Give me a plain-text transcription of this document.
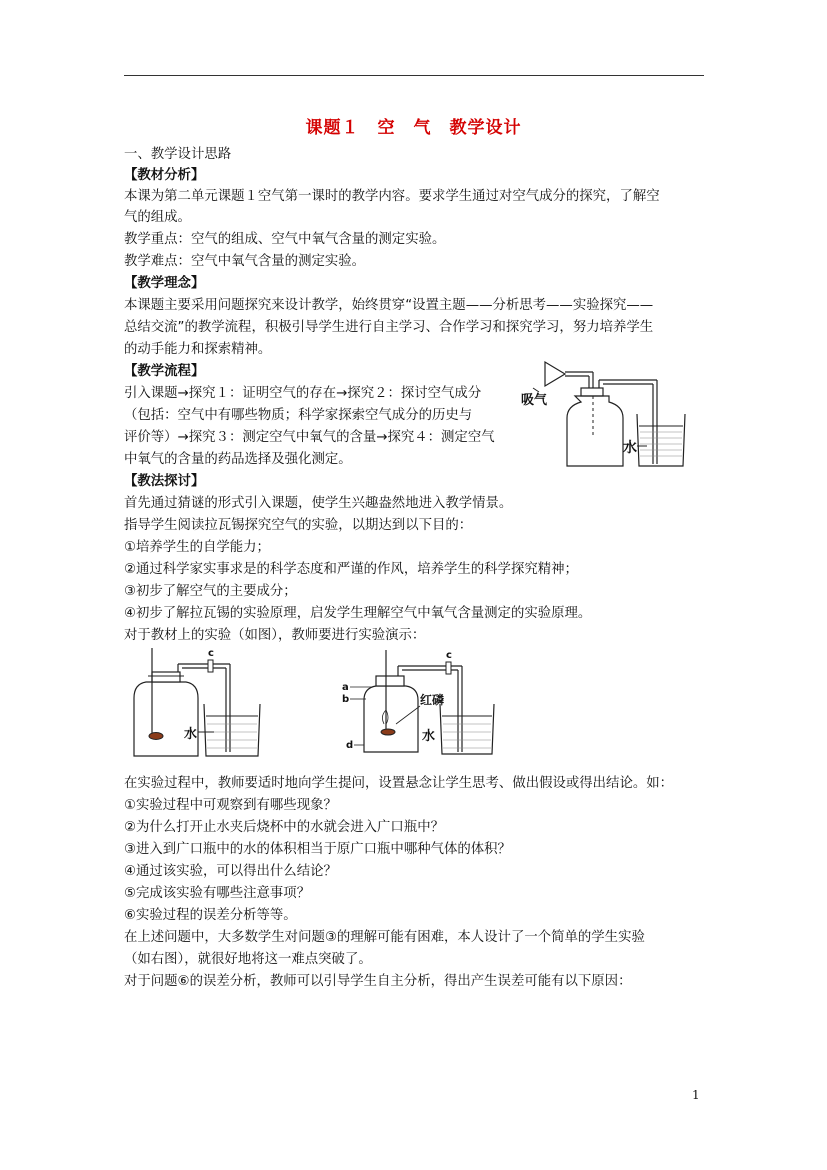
课题１　空　气　教学设计
一、教学设计思路
【教材分析】
本课为第二单元课题１空气第一课时的教学内容。要求学生通过对空气成分的探究，了解空
气的组成。
教学重点：空气的组成、空气中氧气含量的测定实验。
教学难点：空气中氧气含量的测定实验。
【教学理念】
本课题主要采用问题探究来设计教学，始终贯穿“设置主题——分析思考——实验探究——
总结交流”的教学流程，积极引导学生进行自主学习、合作学习和探究学习，努力培养学生
的动手能力和探索精神。
【教学流程】
引入课题→探究１：证明空气的存在→探究２：探讨空气成分
（包括：空气中有哪些物质；科学家探索空气成分的历史与
评价等）→探究３：测定空气中氧气的含量→探究４：测定空气
中氧气的含量的药品选择及强化测定。
【教法探讨】
首先通过猜谜的形式引入课题，使学生兴趣盎然地进入教学情景。
指导学生阅读拉瓦锡探究空气的实验，以期达到以下目的：
①培养学生的自学能力；
②通过科学家实事求是的科学态度和严谨的作风，培养学生的科学探究精神；
③初步了解空气的主要成分；
④初步了解拉瓦锡的实验原理，启发学生理解空气中氧气含量测定的实验原理。
对于教材上的实验（如图），教师要进行实验演示：
在实验过程中，教师要适时地向学生提问，设置悬念让学生思考、做出假设或得出结论。如：
①实验过程中可观察到有哪些现象？
②为什么打开止水夹后烧杯中的水就会进入广口瓶中？
③进入到广口瓶中的水的体积相当于原广口瓶中哪种气体的体积？
④通过该实验，可以得出什么结论？
⑤完成该实验有哪些注意事项？
⑥实验过程的误差分析等等。
在上述问题中，大多数学生对问题③的理解可能有困难，本人设计了一个简单的学生实验
（如右图），就很好地将这一难点突破了。
对于问题⑥的误差分析，教师可以引导学生自主分析，得出产生误差可能有以下原因：
吸气
水
c
水
a
b
d
红磷
c
水
1
